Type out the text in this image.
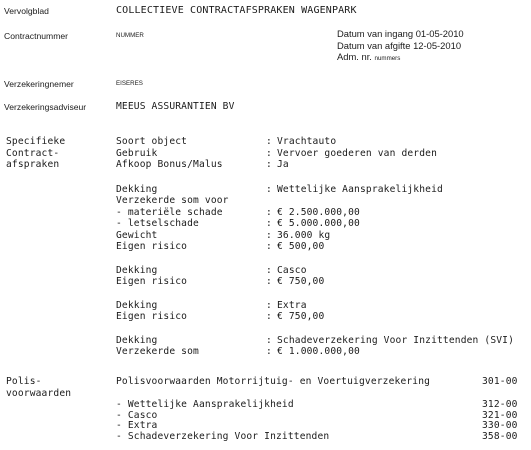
Vervolgblad	COLLECTIEVE CONTRACTAFSPRAKEN WAGENPARK
Contractnummer	NUMMER	Datum van ingang 01-05-2010
Datum van afgifte 12-05-2010
Adm. nr. nummers
Verzekeringnemer	EISERES
Verzekeringsadviseur	MEEUS ASSURANTIEN BV
Specifieke
Contract-
afspraken
Soort object	: Vrachtauto
Gebruik	: Vervoer goederen van derden
Afkoop Bonus/Malus	: Ja
Dekking	: Wettelijke Aansprakelijkheid
Verzekerde som voor
- materiële schade	: € 2.500.000,00
- letselschade	: € 5.000.000,00
Gewicht	: 36.000 kg
Eigen risico	: € 500,00
Dekking	: Casco
Eigen risico	: € 750,00
Dekking	: Extra
Eigen risico	: € 750,00
Dekking	: Schadeverzekering Voor Inzittenden (SVI)
Verzekerde som	: € 1.000.000,00
Polis-
voorwaarden
Polisvoorwaarden Motorrijtuig- en Voertuigverzekering	301-00
- Wettelijke Aansprakelijkheid	312-00
- Casco	321-00
- Extra	330-00
- Schadeverzekering Voor Inzittenden	358-00
